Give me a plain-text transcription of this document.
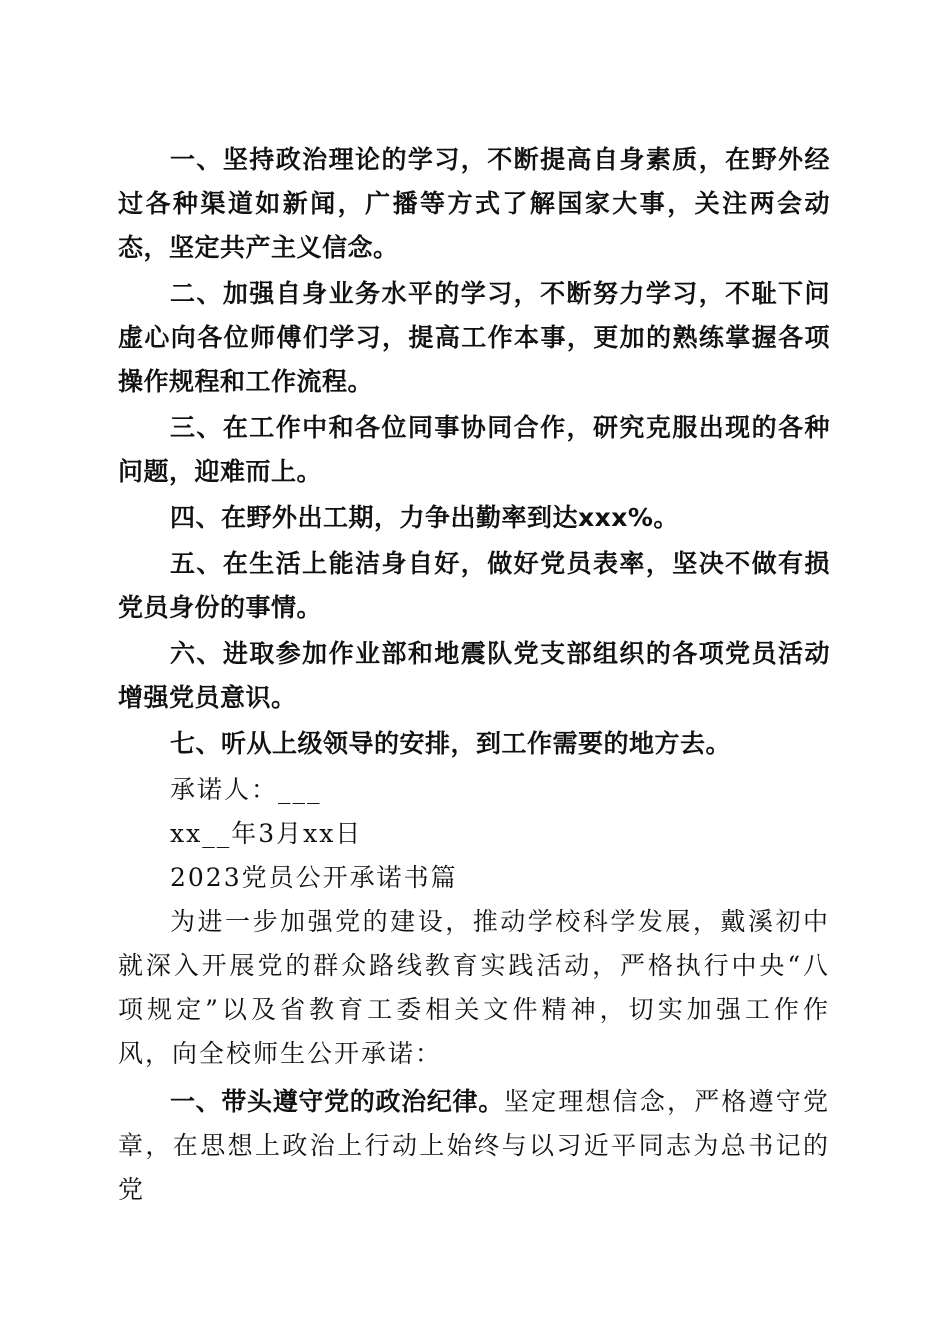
一、坚持政治理论的学习，不断提高自身素质，在野外经过各种渠道如新闻，广播等方式了解国家大事，关注两会动态，坚定共产主义信念。

二、加强自身业务水平的学习，不断努力学习，不耻下问虚心向各位师傅们学习，提高工作本事，更加的熟练掌握各项操作规程和工作流程。

三、在工作中和各位同事协同合作，研究克服出现的各种问题，迎难而上。

四、在野外出工期，力争出勤率到达xxx%。

五、在生活上能洁身自好，做好党员表率，坚决不做有损党员身份的事情。

六、进取参加作业部和地震队党支部组织的各项党员活动增强党员意识。

七、听从上级领导的安排，到工作需要的地方去。

承诺人：___

xx__年3月xx日

2023党员公开承诺书篇

为进一步加强党的建设，推动学校科学发展，戴溪初中就深入开展党的群众路线教育实践活动，严格执行中央“八项规定”以及省教育工委相关文件精神，切实加强工作作风，向全校师生公开承诺：

一、带头遵守党的政治纪律。坚定理想信念，严格遵守党章，在思想上政治上行动上始终与以习近平同志为总书记的党
